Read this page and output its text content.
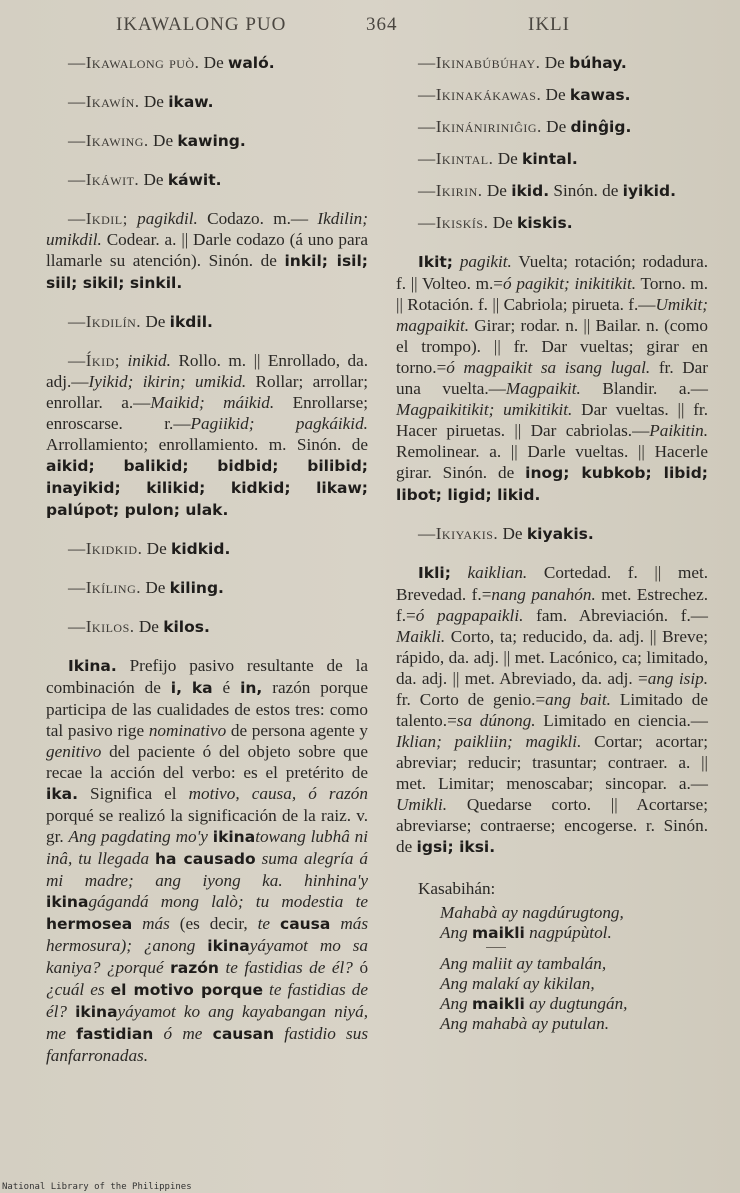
IKAWALONG PUO	364	IKLI

—Ikawalong può. De waló.

—Ikawín. De ikaw.

—Ikawing. De kawing.

—Ikáwit. De káwit.

—Ikdil; pagikdil. Codazo. m.— Ikdilin; umikdil. Codear. a. || Darle codazo (á uno para llamarle su atención). Sinón. de inkil; isil; siil; sikil; sinkil.

—Ikdilín. De ikdil.

—Íkid; inikid. Rollo. m. || Enrollado, da. adj.—Iyikid; ikirin; umikid. Rollar; arrollar; enrollar. a.—Maikid; máikid. Enrollarse; enroscarse. r.—Pagiikid; pagkáikid. Arrollamiento; enrollamiento. m. Sinón. de aikid; balikid; bidbid; bilibid; inayikid; kilikid; kidkid; likaw; palúpot; pulon; ulak.

—Ikidkid. De kidkid.

—Ikíling. De kiling.

—Ikilos. De kilos.

Ikina. Prefijo pasivo resultante de la combinación de i, ka é in, razón porque participa de las cualidades de estos tres: como tal pasivo rige nominativo de persona agente y genitivo del paciente ó del objeto sobre que recae la acción del verbo: es el pretérito de ika. Significa el motivo, causa, ó razón porqué se realizó la significación de la raiz. v. gr. Ang pagdating mo'y ikinatowang lubhâ ni inâ, tu llegada ha causado suma alegría á mi madre; ang iyong ka. hinhina'y ikinagágandá mong lalò; tu modestia te hermosea más (es decir, te causa más hermosura); ¿anong ikinayáyamot mo sa kaniya? ¿porqué razón te fastidias de él? ó ¿cuál es el motivo porque te fastidias de él? ikinayáyamot ko ang kayabangan niyá, me fastidian ó me causan fastidio sus fanfarronadas.

—Ikinabúbúhay. De búhay.

—Ikinakákawas. De kawas.

—Ikinániriniĝig. De dinĝig.

—Ikintal. De kintal.

—Ikirin. De ikid. Sinón. de iyikid.

—Ikiskís. De kiskis.

Ikit; pagikit. Vuelta; rotación; rodadura. f. || Volteo. m.=ó pagikit; inikitikit. Torno. m. || Rotación. f. || Cabriola; pirueta. f.—Umikit; magpaikit. Girar; rodar. n. || Bailar. n. (como el trompo). || fr. Dar vueltas; girar en torno.=ó magpaikit sa isang lugal. fr. Dar una vuelta.—Magpaikit. Blandir. a.—Magpaikitikit; umikitikit. Dar vueltas. || fr. Hacer piruetas. || Dar cabriolas.—Paikitin. Remolinear. a. || Darle vueltas. || Hacerle girar. Sinón. de inog; kubkob; libid; libot; ligid; likid.

—Ikiyakis. De kiyakis.

Ikli; kaiklian. Cortedad. f. || met. Brevedad. f.=nang panahón. met. Estrechez. f.=ó pagpapaikli. fam. Abreviación. f.—Maikli. Corto, ta; reducido, da. adj. || Breve; rápido, da. adj. || met. Lacónico, ca; limitado, da. adj. || met. Abreviado, da. adj. =ang isip. fr. Corto de genio.=ang bait. Limitado de talento.=sa dúnong. Limitado en ciencia.—Iklian; paikliin; magikli. Cortar; acortar; abreviar; reducir; trasuntar; contraer. a. || met. Limitar; menoscabar; sincopar. a.—Umikli. Quedarse corto. || Acortarse; abreviarse; contraerse; encogerse. r. Sinón. de igsi; iksi.

Kasabihán:

Mahabà ay nagdúrugtong,

Ang maikli nagpúpùtol.

Ang maliit ay tambalán,

Ang malakí ay kikilan,

Ang maikli ay dugtungán,

Ang mahabà ay putulan.

National Library of the Philippines
